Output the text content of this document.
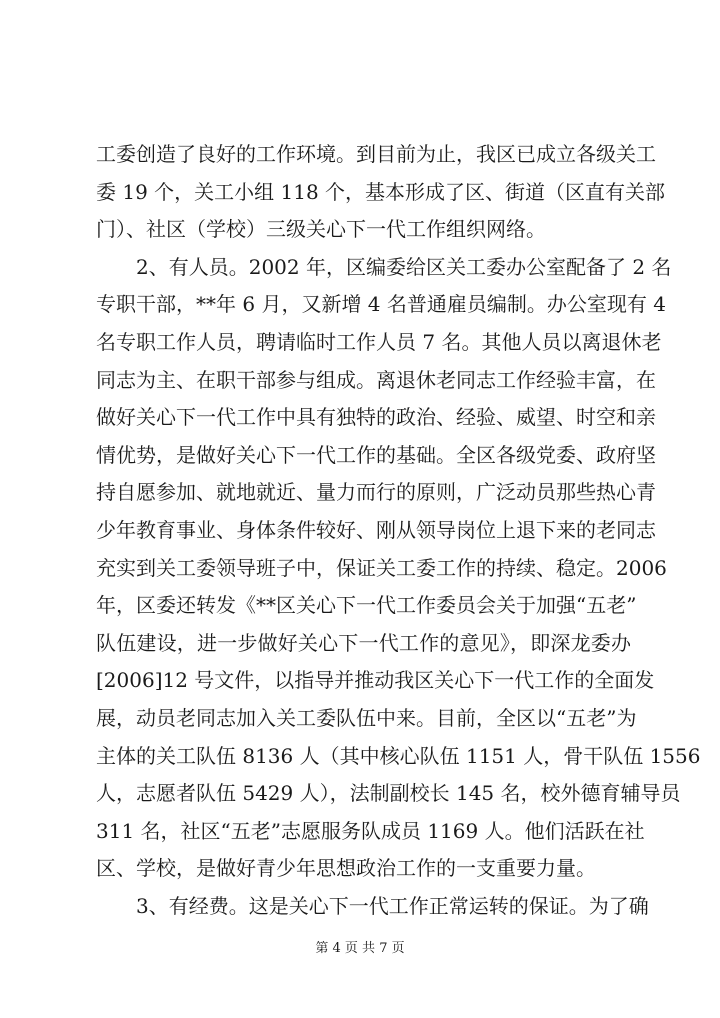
工委创造了良好的工作环境。到目前为止，我区已成立各级关工
委 19 个，关工小组 118 个，基本形成了区、街道（区直有关部
门）、社区（学校）三级关心下一代工作组织网络。
2、有人员。2002 年，区编委给区关工委办公室配备了 2 名
专职干部，**年 6 月，又新增 4 名普通雇员编制。办公室现有 4
名专职工作人员，聘请临时工作人员 7 名。其他人员以离退休老
同志为主、在职干部参与组成。离退休老同志工作经验丰富，在
做好关心下一代工作中具有独特的政治、经验、威望、时空和亲
情优势，是做好关心下一代工作的基础。全区各级党委、政府坚
持自愿参加、就地就近、量力而行的原则，广泛动员那些热心青
少年教育事业、身体条件较好、刚从领导岗位上退下来的老同志
充实到关工委领导班子中，保证关工委工作的持续、稳定。2006
年，区委还转发《**区关心下一代工作委员会关于加强“五老”
队伍建设，进一步做好关心下一代工作的意见》，即深龙委办
[2006]12 号文件，以指导并推动我区关心下一代工作的全面发
展，动员老同志加入关工委队伍中来。目前，全区以“五老”为
主体的关工队伍 8136 人（其中核心队伍 1151 人，骨干队伍 1556
人，志愿者队伍 5429 人），法制副校长 145 名，校外德育辅导员
311 名，社区“五老”志愿服务队成员 1169 人。他们活跃在社
区、学校，是做好青少年思想政治工作的一支重要力量。
3、有经费。这是关心下一代工作正常运转的保证。为了确
第 4 页 共 7 页
